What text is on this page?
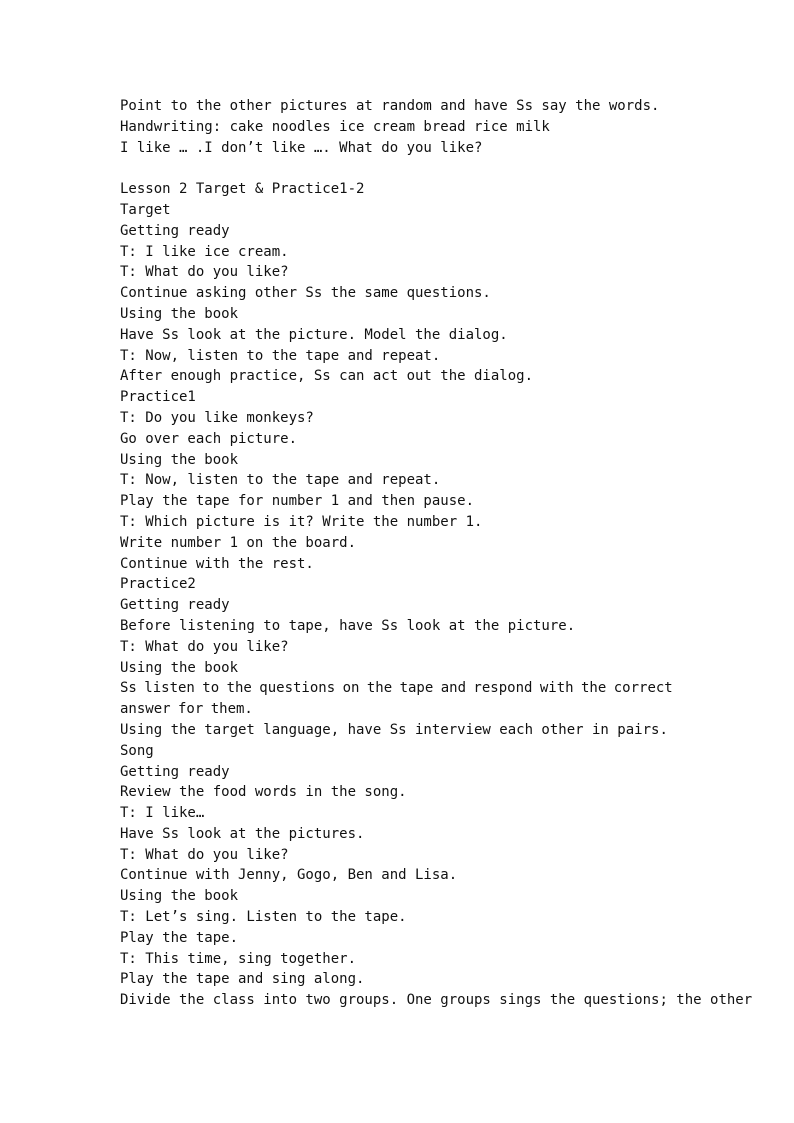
Point to the other pictures at random and have Ss say the words.
Handwriting: cake noodles ice cream bread rice milk
I like … .I don’t like …. What do you like?
Lesson 2 Target & Practice1-2
Target
Getting ready
T: I like ice cream.
T: What do you like?
Continue asking other Ss the same questions.
Using the book
Have Ss look at the picture. Model the dialog.
T: Now, listen to the tape and repeat.
After enough practice, Ss can act out the dialog.
Practice1
T: Do you like monkeys?
Go over each picture.
Using the book
T: Now, listen to the tape and repeat.
Play the tape for number 1 and then pause.
T: Which picture is it? Write the number 1.
Write number 1 on the board.
Continue with the rest.
Practice2
Getting ready
Before listening to tape, have Ss look at the picture.
T: What do you like?
Using the book
Ss listen to the questions on the tape and respond with the correct answer for them.
Using the target language, have Ss interview each other in pairs.
Song
Getting ready
Review the food words in the song.
T: I like…
Have Ss look at the pictures.
T: What do you like?
Continue with Jenny, Gogo, Ben and Lisa.
Using the book
T: Let’s sing. Listen to the tape.
Play the tape.
T: This time, sing together.
Play the tape and sing along.
Divide the class into two groups. One groups sings the questions; the other
